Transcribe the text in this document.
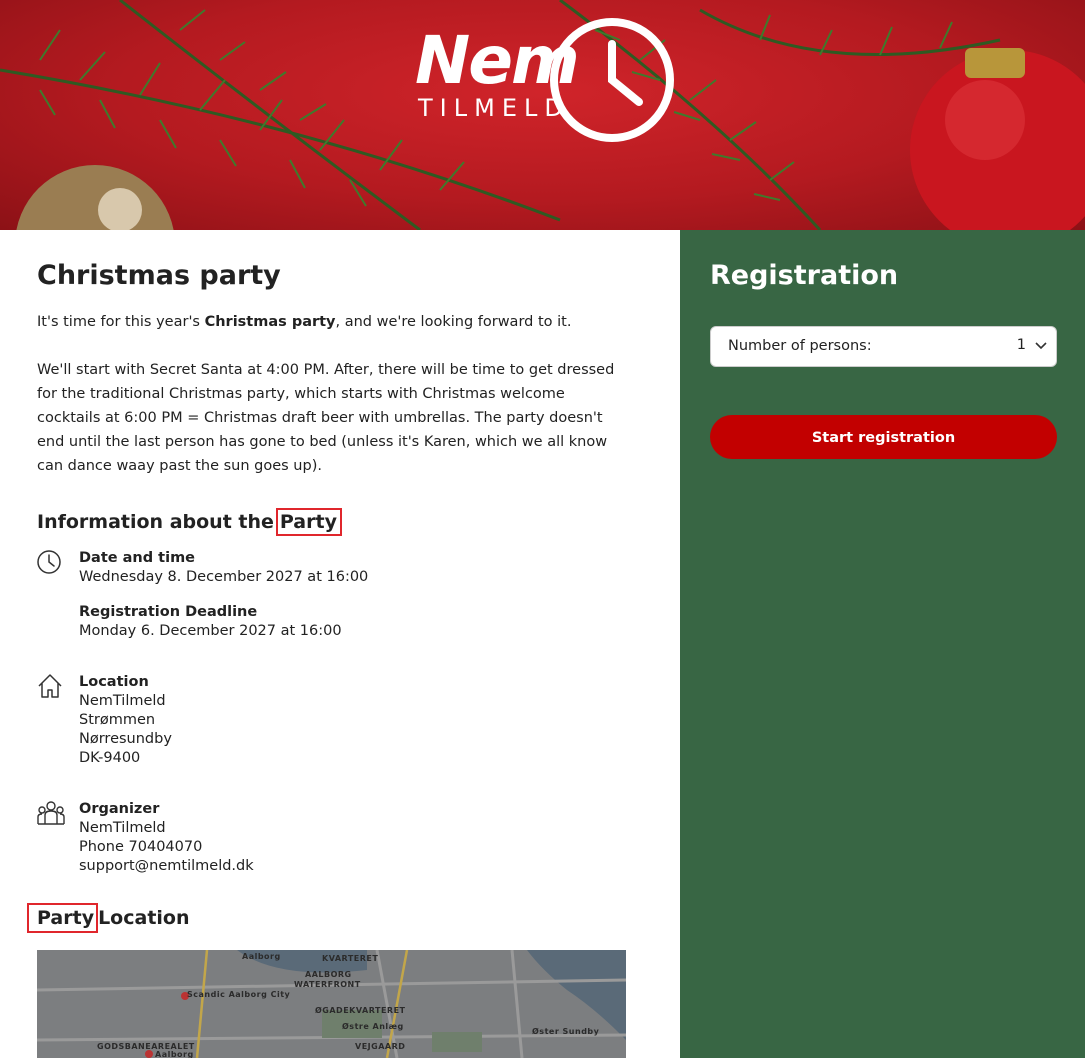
Nem
TILMELD
Christmas party

It's time for this year's Christmas party, and we're looking forward to it.

We'll start with Secret Santa at 4:00 PM. After, there will be time to get dressed for the traditional Christmas party, which starts with Christmas welcome cocktails at 6:00 PM = Christmas draft beer with umbrellas. The party doesn't end until the last person has gone to bed (unless it's Karen, which we all know can dance waay past the sun goes up).

Information about the Party
Date and time
Wednesday 8. December 2027 at 16:00
Registration Deadline
Monday 6. December 2027 at 16:00
Location
NemTilmeld
Strømmen
Nørresundby
DK-9400
Organizer
NemTilmeld
Phone 70404070
support@nemtilmeld.dk
Party Location
Aalborg
AALBORG
WATERFRONT
KVARTERET
Scandic Aalborg City
ØGADEKVARTERET
Østre Anlæg
Øster Sundby
VEJGAARD
GODSBANEAREALET
Aalborg
Registration
Number of persons:	1
Start registration
